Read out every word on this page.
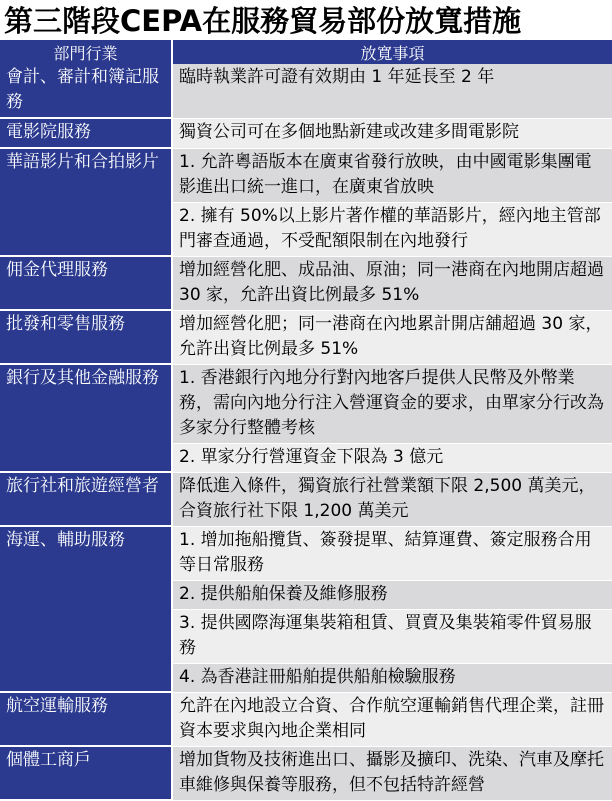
第三階段CEPA在服務貿易部份放寬措施
部門行業	放寬事項
會計、審計和簿記服務	臨時執業許可證有效期由 1 年延長至 2 年
電影院服務	獨資公司可在多個地點新建或改建多間電影院
華語影片和合拍影片	1. 允許粵語版本在廣東省發行放映，由中國電影集團電影進出口統一進口，在廣東省放映
	2. 擁有 50%以上影片著作權的華語影片，經內地主管部門審查通過，不受配額限制在內地發行
佣金代理服務	增加經營化肥、成品油、原油；同一港商在內地開店超過 30 家，允許出資比例最多 51%
批發和零售服務	增加經營化肥；同一港商在內地累計開店舖超過 30 家，允許出資比例最多 51%
銀行及其他金融服務	1. 香港銀行內地分行對內地客戶提供人民幣及外幣業務，需向內地分行注入營運資金的要求，由單家分行改為多家分行整體考核
	2. 單家分行營運資金下限為 3 億元
旅行社和旅遊經營者	降低進入條件，獨資旅行社營業額下限 2,500 萬美元，合資旅行社下限 1,200 萬美元
海運、輔助服務	1. 增加拖船攬貨、簽發提單、結算運費、簽定服務合用等日常服務
	2. 提供船舶保養及維修服務
	3. 提供國際海運集裝箱租賃、買賣及集裝箱零件貿易服務
	4. 為香港註冊船舶提供船舶檢驗服務
航空運輸服務	允許在內地設立合資、合作航空運輸銷售代理企業，註冊資本要求與內地企業相同
個體工商戶	增加貨物及技術進出口、攝影及擴印、洗染、汽車及摩托車維修與保養等服務，但不包括特許經營
